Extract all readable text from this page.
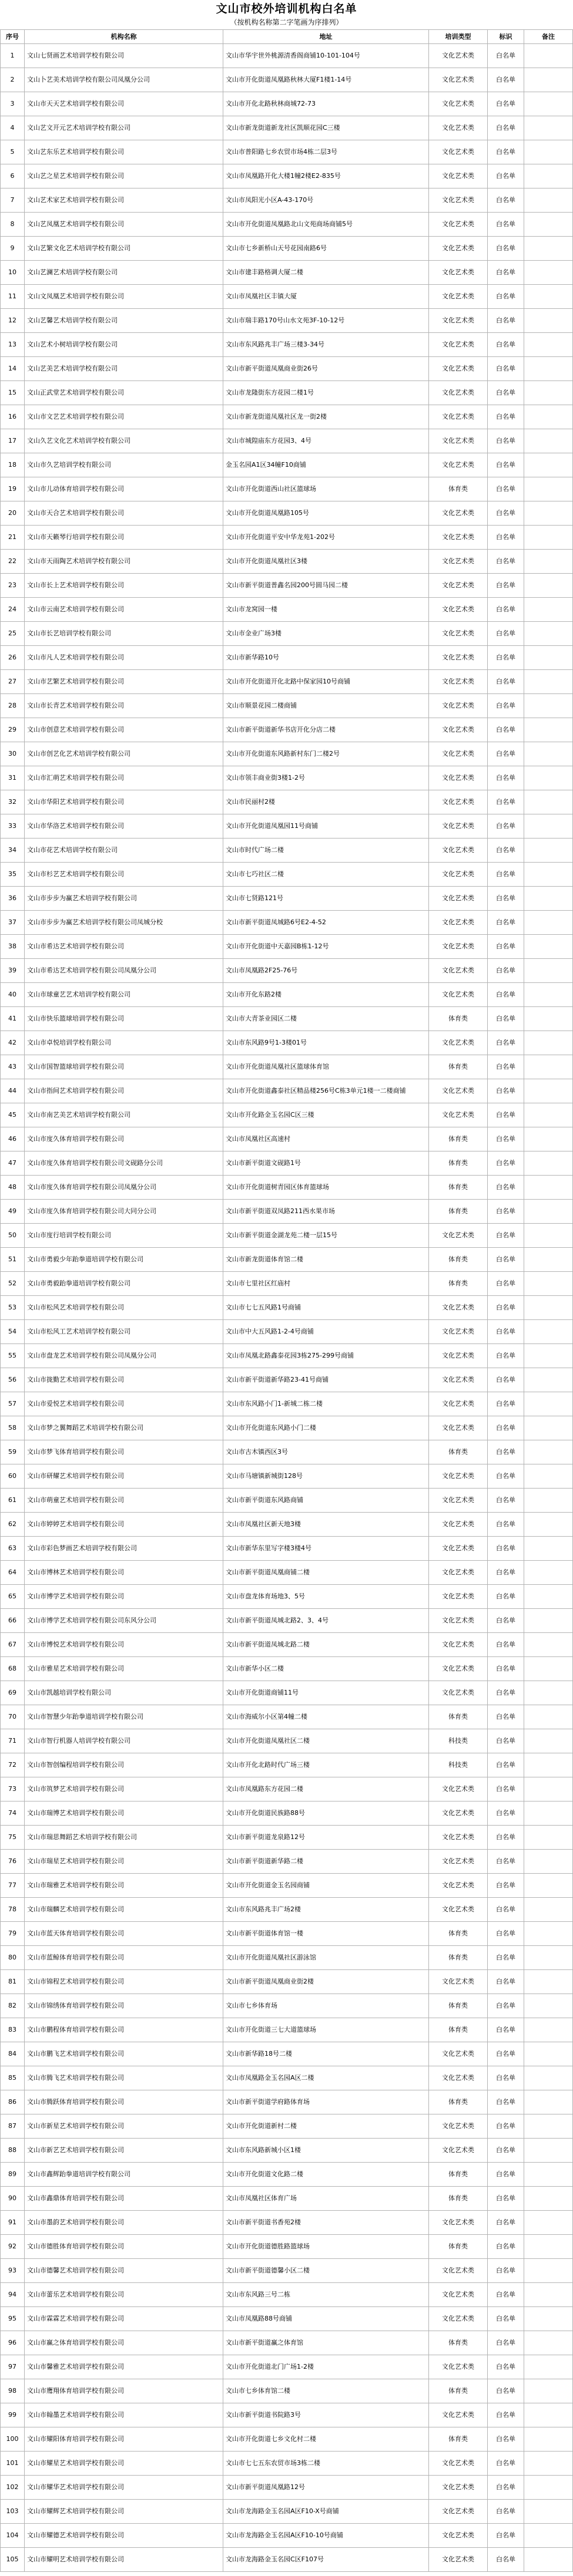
文山市校外培训机构白名单
（按机构名称第二字笔画为序排列）
序号	机构名称	地址	培训类型	标识	备注
1	文山七贤画艺术培训学校有限公司	文山市华宇世外桃源清香阁商铺10-101-104号	文化艺术类	白名单
2	文山卜艺美术培训学校有限公司凤凰分公司	文山市开化街道凤凰路秋林大厦F1楼1-14号	文化艺术类	白名单
3	文山市天天艺术培训学校有限公司	文山市开化北路秋林商城72-73	文化艺术类	白名单
4	文山艺文开元艺术培训学校有限公司	文山市新龙街道新龙社区凯顺花园C三楼	文化艺术类	白名单
5	文山艺东乐艺术培训学校有限公司	文山市普阳路七乡农贸市场4栋二层3号	文化艺术类	白名单
6	文山艺之星艺术培训学校有限公司	文山市凤凰路开化大楼1幢2楼E2-835号	文化艺术类	白名单
7	文山艺术家艺术培训学校有限公司	文山市凤阳光小区A-43-170号	文化艺术类	白名单
8	文山艺凤凰艺术培训学校有限公司	文山市开化街道凤凰路北山文苑商场商铺5号	文化艺术类	白名单
9	文山艺繁文化艺术培训学校有限公司	文山市七乡新桥山天号花园南路6号	文化艺术类	白名单
10	文山艺澜艺术培训学校有限公司	文山市建丰路格调大厦二楼	文化艺术类	白名单
11	文山文凤凰艺术培训学校有限公司	文山市凤凰社区丰镇大厦	文化艺术类	白名单
12	文山艺馨艺术培训学校有限公司	文山市瑞丰路170号山水文苑3F-10-12号	文化艺术类	白名单
13	文山艺术小树培训学校有限公司	文山市东风路兆丰广场三楼3-34号	文化艺术类	白名单
14	文山艺美艺术培训学校有限公司	文山市新平街道凤凰商业街26号	文化艺术类	白名单
15	文山正武堂艺术培训学校有限公司	文山市龙隆街东方花园二楼1号	文化艺术类	白名单
16	文山市文艺艺术培训学校有限公司	文山市新龙街道凤凰社区龙一街2楼	文化艺术类	白名单
17	文山久艺文化艺术培训学校有限公司	文山市城隍庙东方花园3、4号	文化艺术类	白名单
18	文山市久艺培训学校有限公司	金玉名园A1区34幢F10商铺	文化艺术类	白名单
19	文山市儿动体育培训学校有限公司	文山市开化街道西山社区篮球场	体育类	白名单
20	文山市天合艺术培训学校有限公司	文山市开化街道凤凰路105号	文化艺术类	白名单
21	文山市天籁琴行培训学校有限公司	文山市开化街道平安中华龙苑1-202号	文化艺术类	白名单
22	文山市天雨陶艺术培训学校有限公司	文山市开化街道凤凰社区3楼	文化艺术类	白名单
23	文山市长上艺术培训学校有限公司	文山市新平街道普鑫名园200号圆马园二楼	文化艺术类	白名单
24	文山市云南艺术培训学校有限公司	文山市龙窝园一楼	文化艺术类	白名单
25	文山市长艺培训学校有限公司	文山市金业广场3楼	文化艺术类	白名单
26	文山市凡人艺术培训学校有限公司	文山市新华路10号	文化艺术类	白名单
27	文山市艺繁艺术培训学校有限公司	文山市开化街道开化北路中保家园10号商铺	文化艺术类	白名单
28	文山市长青艺术培训学校有限公司	文山市顺景花园二楼商铺	文化艺术类	白名单
29	文山市创意艺术培训学校有限公司	文山市新平街道新华书店开化分店二楼	文化艺术类	白名单
30	文山市创艺化艺术培训学校有限公司	文山市开化街道东风路新村东门二楼2号	文化艺术类	白名单
31	文山市汇萌艺术培训学校有限公司	文山市领丰商业街3楼1-2号	文化艺术类	白名单
32	文山市华阳艺术培训学校有限公司	文山市民丽村2楼	文化艺术类	白名单
33	文山市华洛艺术培训学校有限公司	文山市开化街道凤凰园11号商铺	文化艺术类	白名单
34	文山市花艺术培训学校有限公司	文山市时代广场二楼	文化艺术类	白名单
35	文山市杉艺艺术培训学校有限公司	文山市七巧社区二楼	文化艺术类	白名单
36	文山市步步为赢艺术培训学校有限公司	文山市七贤路121号	文化艺术类	白名单
37	文山市步步为赢艺术培训学校有限公司凤城分校	文山市新平街道凤城路6号E2-4-52	文化艺术类	白名单
38	文山市希达艺术培训学校有限公司	文山市开化街道中天嘉园B栋1-12号	文化艺术类	白名单
39	文山市希达艺术培训学校有限公司凤凰分公司	文山市凤凰路2F25-76号	文化艺术类	白名单
40	文山市球童艺艺术培训学校有限公司	文山市开化东路2楼	文化艺术类	白名单
41	文山市快乐篮球培训学校有限公司	文山市大青茶业园区二楼	体育类	白名单
42	文山市卓悦培训学校有限公司	文山市东风路9号1-3楼01号	文化艺术类	白名单
43	文山市国智篮球培训学校有限公司	文山市开化街道凤凰社区篮球体育馆	体育类	白名单
44	文山市指间艺术培训学校有限公司	文山市开化街道鑫泰社区精品楼256号C栋3单元1楼一二楼商铺	文化艺术类	白名单
45	文山市南艺美艺术培训学校有限公司	文山市开化路金玉名园C区三楼	文化艺术类	白名单
46	文山市度久体育培训学校有限公司	文山市凤凰社区高速村	体育类	白名单
47	文山市度久体育培训学校有限公司文砚路分公司	文山市新平街道文砚路1号	体育类	白名单
48	文山市度久体育培训学校有限公司凤凰分公司	文山市开化街道树青园区体育篮球场	体育类	白名单
49	文山市度久体育培训学校有限公司大同分公司	文山市新平街道双凤路211西水果市场	体育类	白名单
50	文山市度行培训学校有限公司	文山市新平街道金湖龙苑二楼一层15号	文化艺术类	白名单
51	文山市勇毅少年跆拳道培训学校有限公司	文山市新龙街道体育馆二楼	体育类	白名单
52	文山市勇毅跆拳道培训学校有限公司	文山市七里社区红庙村	体育类	白名单
53	文山市松风艺术培训学校有限公司	文山市七七五风路1号商铺	文化艺术类	白名单
54	文山市松风工艺术培训学校有限公司	文山市中大五风路1-2-4号商铺	文化艺术类	白名单
55	文山市盘龙艺术培训学校有限公司凤凰分公司	文山市凤凰北路鑫泰花园3栋275-299号商铺	文化艺术类	白名单
56	文山市拢勤艺术培训学校有限公司	文山市新平街道新华路23-41号商铺	文化艺术类	白名单
57	文山市爱悦艺术培训学校有限公司	文山市东风路小门1-新城二栋二楼	文化艺术类	白名单
58	文山市梦之翼舞蹈艺术培训学校有限公司	文山市开化街道东风路小门二楼	文化艺术类	白名单
59	文山市梦飞体育培训学校有限公司	文山市古木镇西区3号	体育类	白名单
60	文山市研耀艺术培训学校有限公司	文山市马塘镇新城街128号	文化艺术类	白名单
61	文山市萌童艺术培训学校有限公司	文山市新平街道东风路商铺	文化艺术类	白名单
62	文山市婷婷艺术培训学校有限公司	文山市凤凰社区新天地3楼	文化艺术类	白名单
63	文山市彩色梦画艺术培训学校有限公司	文山市新华东里写字楼3楼4号	文化艺术类	白名单
64	文山市博林艺术培训学校有限公司	文山市新平街道凤凰商铺二楼	文化艺术类	白名单
65	文山市博学艺术培训学校有限公司	文山市盘龙体育场地3、5号	文化艺术类	白名单
66	文山市博学艺术培训学校有限公司东风分公司	文山市新平街道凤城北路2、3、4号	文化艺术类	白名单
67	文山市博悦艺术培训学校有限公司	文山市新平街道凤城北路二楼	文化艺术类	白名单
68	文山市雅星艺术培训学校有限公司	文山市新华小区二楼	文化艺术类	白名单
69	文山市凯越培训学校有限公司	文山市开化街道商铺11号	文化艺术类	白名单
70	文山市智慧少年跆拳道培训学校有限公司	文山市海威尔小区第4幢二楼	体育类	白名单
71	文山市智行机器人培训学校有限公司	文山市开化街道凤凰社区二楼	科技类	白名单
72	文山市智创编程培训学校有限公司	文山市开化北路时代广场三楼	科技类	白名单
73	文山市筑梦艺术培训学校有限公司	文山市凤凰路东方花园二楼	文化艺术类	白名单
74	文山市瑞博艺术培训学校有限公司	文山市开化街道民族路88号	文化艺术类	白名单
75	文山市瑞思舞蹈艺术培训学校有限公司	文山市新平街道龙泉路12号	文化艺术类	白名单
76	文山市瑞星艺术培训学校有限公司	文山市新平街道新华路二楼	文化艺术类	白名单
77	文山市瑞雅艺术培训学校有限公司	文山市开化街道金玉名园商铺	文化艺术类	白名单
78	文山市瑞麟艺术培训学校有限公司	文山市东风路兆丰广场2楼	文化艺术类	白名单
79	文山市蓝天体育培训学校有限公司	文山市新平街道体育馆一楼	体育类	白名单
80	文山市蓝鲸体育培训学校有限公司	文山市开化街道凤凰社区游泳馆	体育类	白名单
81	文山市锦程艺术培训学校有限公司	文山市新平街道凤凰商业街2楼	文化艺术类	白名单
82	文山市锦绣体育培训学校有限公司	文山市七乡体育场	体育类	白名单
83	文山市鹏程体育培训学校有限公司	文山市开化街道三七大道篮球场	体育类	白名单
84	文山市鹏飞艺术培训学校有限公司	文山市新华路18号二楼	文化艺术类	白名单
85	文山市腾飞艺术培训学校有限公司	文山市凤凰路金玉名园A区二楼	文化艺术类	白名单
86	文山市腾跃体育培训学校有限公司	文山市新平街道学府路体育场	体育类	白名单
87	文山市新星艺术培训学校有限公司	文山市开化街道新村二楼	文化艺术类	白名单
88	文山市新艺艺术培训学校有限公司	文山市东风路新城小区1楼	文化艺术类	白名单
89	文山市鑫辉跆拳道培训学校有限公司	文山市开化街道文化路二楼	体育类	白名单
90	文山市鑫鼎体育培训学校有限公司	文山市凤凰社区体育广场	体育类	白名单
91	文山市墨韵艺术培训学校有限公司	文山市新平街道书香苑2楼	文化艺术类	白名单
92	文山市德胜体育培训学校有限公司	文山市开化街道德胜路篮球场	体育类	白名单
93	文山市德馨艺术培训学校有限公司	文山市新平街道德馨小区二楼	文化艺术类	白名单
94	文山市蕾乐艺术培训学校有限公司	文山市东风路三号二栋	文化艺术类	白名单
95	文山市霖霖艺术培训学校有限公司	文山市凤凰路88号商铺	文化艺术类	白名单
96	文山市赢之体育培训学校有限公司	文山市新平街道赢之体育馆	体育类	白名单
97	文山市馨雅艺术培训学校有限公司	文山市开化街道北门广场1-2楼	文化艺术类	白名单
98	文山市鹰翔体育培训学校有限公司	文山市七乡体育馆二楼	体育类	白名单
99	文山市翰墨艺术培训学校有限公司	文山市新平街道书院路3号	文化艺术类	白名单
100	文山市耀阳体育培训学校有限公司	文山市开化街道七乡文化村二楼	体育类	白名单
101	文山市耀星艺术培训学校有限公司	文山市七七五东农贸市场3栋二楼	文化艺术类	白名单
102	文山市耀华艺术培训学校有限公司	文山市新平街道凤凰路12号	文化艺术类	白名单
103	文山市耀辉艺术培训学校有限公司	文山市龙海路金玉名园A区F10-X号商铺	文化艺术类	白名单
104	文山市耀德艺术培训学校有限公司	文山市龙海路金玉名园A区F10-10号商铺	文化艺术类	白名单
105	文山市耀明艺术培训学校有限公司	文山市龙海路金玉名园C区F107号	文化艺术类	白名单
